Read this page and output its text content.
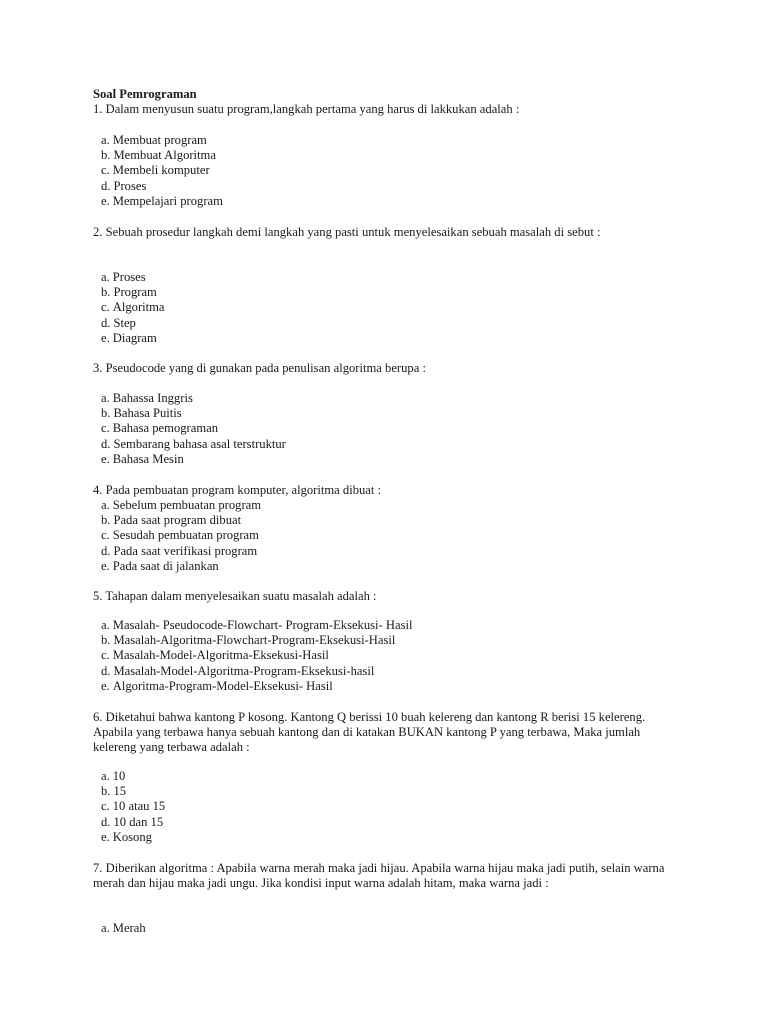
Soal Pemrograman

1. Dalam menyusun suatu program,langkah pertama yang harus di lakkukan adalah :

a. Membuat program
b. Membuat Algoritma
c. Membeli komputer
d. Proses
e. Mempelajari program

2. Sebuah prosedur langkah demi langkah yang pasti untuk menyelesaikan sebuah masalah di sebut :

a. Proses
b. Program
c. Algoritma
d. Step
e. Diagram

3. Pseudocode yang di gunakan pada penulisan algoritma berupa :

a. Bahassa Inggris
b. Bahasa Puitis
c. Bahasa pemograman
d. Sembarang bahasa asal terstruktur
e. Bahasa Mesin

4. Pada pembuatan program komputer, algoritma dibuat :

a. Sebelum pembuatan program
b. Pada saat program dibuat
c. Sesudah pembuatan program
d. Pada saat verifikasi program
e. Pada saat di jalankan

5. Tahapan dalam menyelesaikan suatu masalah adalah :

a. Masalah- Pseudocode-Flowchart- Program-Eksekusi- Hasil
b. Masalah-Algoritma-Flowchart-Program-Eksekusi-Hasil
c. Masalah-Model-Algoritma-Eksekusi-Hasil
d. Masalah-Model-Algoritma-Program-Eksekusi-hasil
e. Algoritma-Program-Model-Eksekusi- Hasil

6. Diketahui bahwa kantong P kosong. Kantong Q berissi 10 buah kelereng dan kantong R berisi 15 kelereng. Apabila yang terbawa hanya sebuah kantong dan di katakan BUKAN kantong P yang terbawa, Maka jumlah kelereng yang terbawa adalah :

a. 10
b. 15
c. 10 atau 15
d. 10 dan 15
e. Kosong

7. Diberikan algoritma : Apabila warna merah maka jadi hijau. Apabila warna hijau maka jadi putih, selain warna merah dan hijau maka jadi ungu. Jika kondisi input warna adalah hitam, maka warna jadi :

a. Merah
